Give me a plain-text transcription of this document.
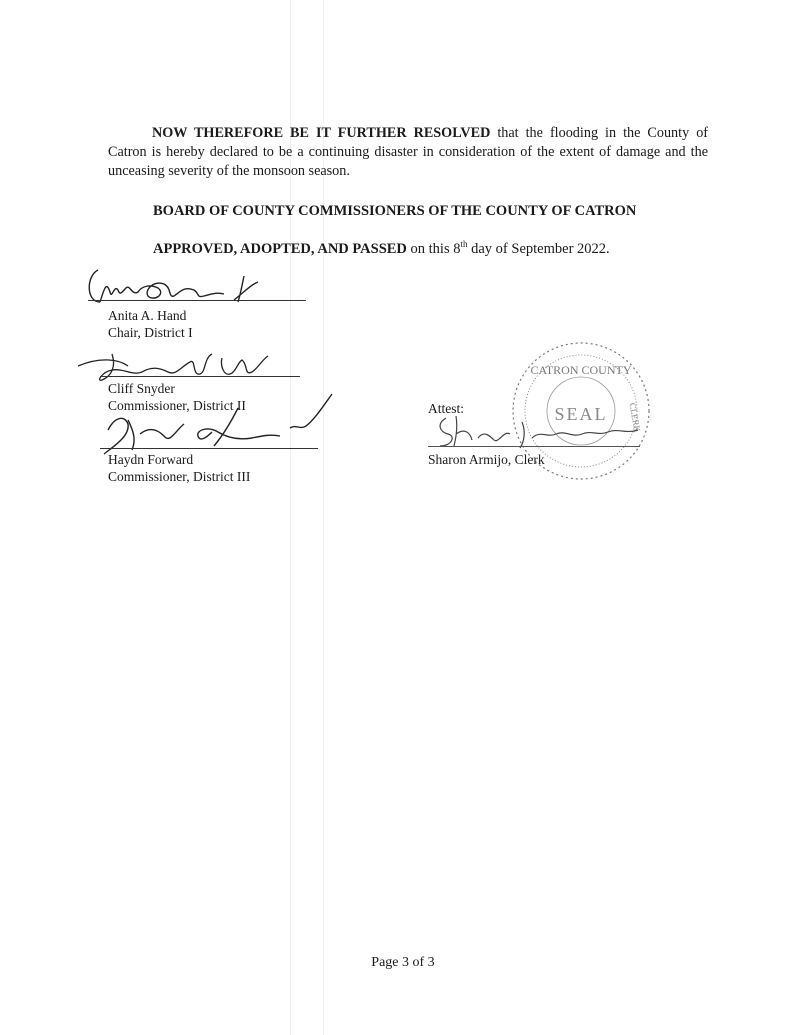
NOW THEREFORE BE IT FURTHER RESOLVED that the flooding in the County of Catron is hereby declared to be a continuing disaster in consideration of the extent of damage and the unceasing severity of the monsoon season.

BOARD OF COUNTY COMMISSIONERS OF THE COUNTY OF CATRON
APPROVED, ADOPTED, AND PASSED on this 8th day of September 2022.
Anita A. Hand
Chair, District I
Cliff Snyder
Commissioner, District II
Haydn Forward
Commissioner, District III
CATRON COUNTY
SEAL CLERK
Attest:
Sharon Armijo, Clerk
Page 3 of 3
